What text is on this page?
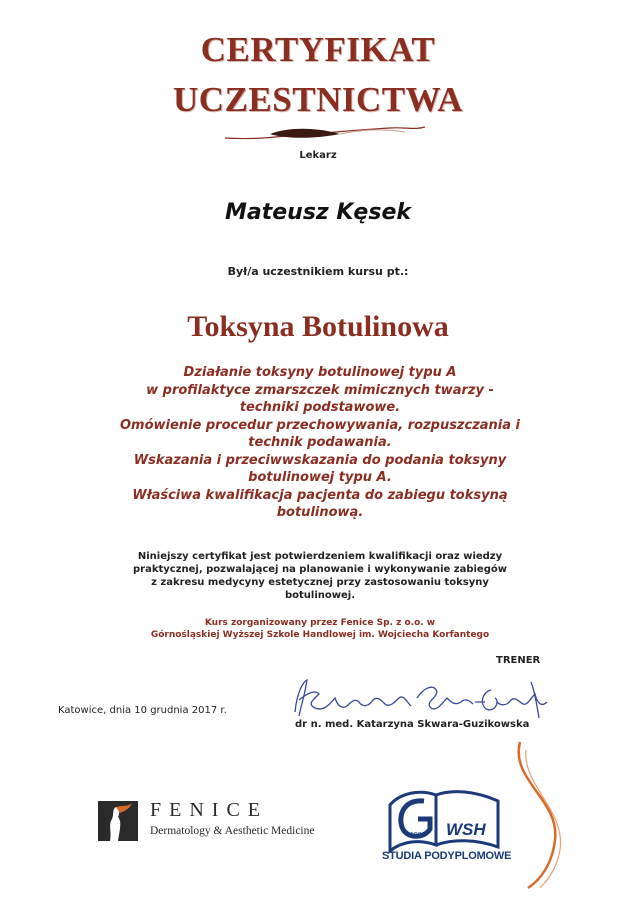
CERTYFIKAT
UCZESTNICTWA
Lekarz
Mateusz Kęsek
Był/a uczestnikiem kursu pt.:
Toksyna Botulinowa
Działanie toksyny botulinowej typu A
w profilaktyce zmarszczek mimicznych twarzy -
techniki podstawowe.
Omówienie procedur przechowywania, rozpuszczania i
technik podawania.
Wskazania i przeciwwskazania do podania toksyny
botulinowej typu A.
Właściwa kwalifikacja pacjenta do zabiegu toksyną
botulinową.
Niniejszy certyfikat jest potwierdzeniem kwalifikacji oraz wiedzy
praktycznej, pozwalającej na planowanie i wykonywanie zabiegów
z zakresu medycyny estetycznej przy zastosowaniu toksyny
botulinowej.
Kurs zorganizowany przez Fenice Sp. z o.o. w
Górnośląskiej Wyższej Szkole Handlowej im. Wojciecha Korfantego
TRENER
Katowice, dnia 10 grudnia 2017 r.
dr n. med. Katarzyna Skwara-Guzikowska
FENICE
Dermatology & Aesthetic Medicine	WSH
1991
STUDIA PODYPLOMOWE
